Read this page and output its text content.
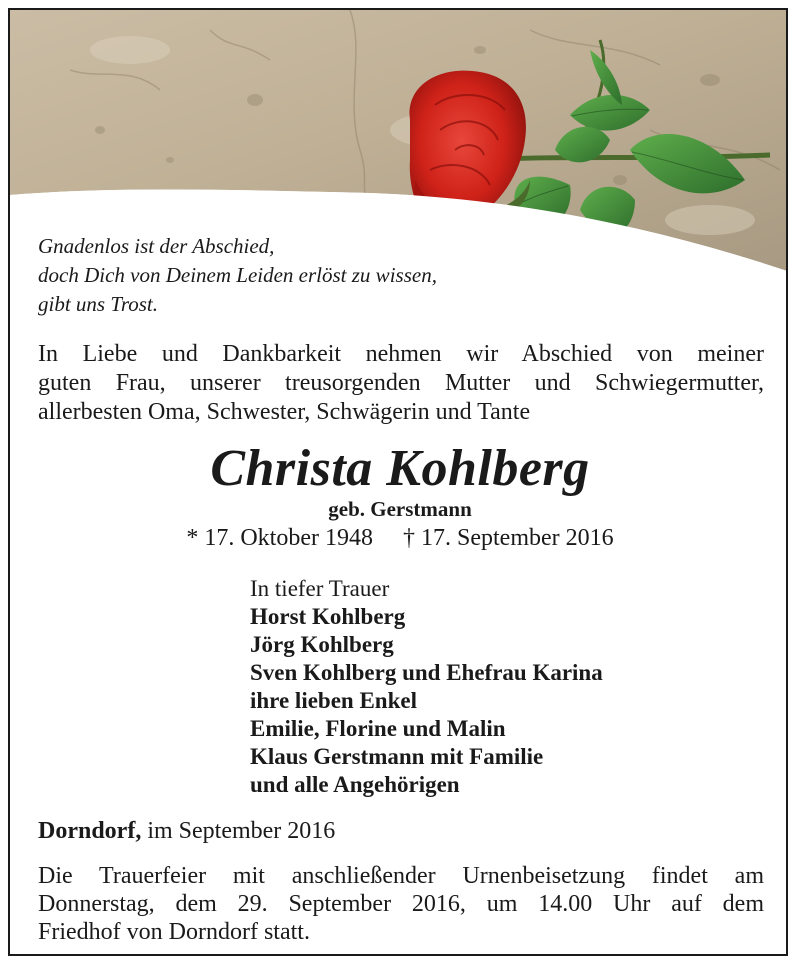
Gnadenlos ist der Abschied,
doch Dich von Deinem Leiden erlöst zu wissen,
gibt uns Trost.
In Liebe und Dankbarkeit nehmen wir Abschied von meiner
guten Frau, unserer treusorgenden Mutter und Schwiegermutter,
allerbesten Oma, Schwester, Schwägerin und Tante
Christa Kohlberg
geb. Gerstmann
* 17. Oktober 1948 † 17. September 2016
In tiefer Trauer
Horst Kohlberg
Jörg Kohlberg
Sven Kohlberg und Ehefrau Karina
ihre lieben Enkel
Emilie, Florine und Malin
Klaus Gerstmann mit Familie
und alle Angehörigen
Dorndorf, im September 2016
Die Trauerfeier mit anschließender Urnenbeisetzung findet am
Donnerstag, dem 29. September 2016, um 14.00 Uhr auf dem
Friedhof von Dorndorf statt.
